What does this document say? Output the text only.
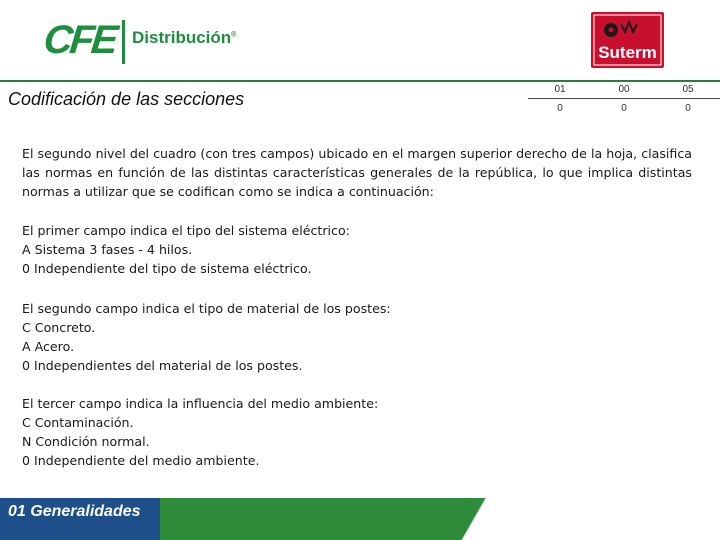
CFE Distribución®
Suterm
Codificación de las secciones	01	00	05
0	0	0

El segundo nivel del cuadro (con tres campos) ubicado en el margen superior derecho de la hoja, clasifica las normas en función de las distintas características generales de la república, lo que implica distintas normas a utilizar que se codifican como se indica a continuación:

El primer campo indica el tipo del sistema eléctrico:
A Sistema 3 fases - 4 hilos.
0 Independiente del tipo de sistema eléctrico.
El segundo campo indica el tipo de material de los postes:
C Concreto.
A Acero.
0 Independientes del material de los postes.
El tercer campo indica la influencia del medio ambiente:
C Contaminación.
N Condición normal.
0 Independiente del medio ambiente.
01 Generalidades
